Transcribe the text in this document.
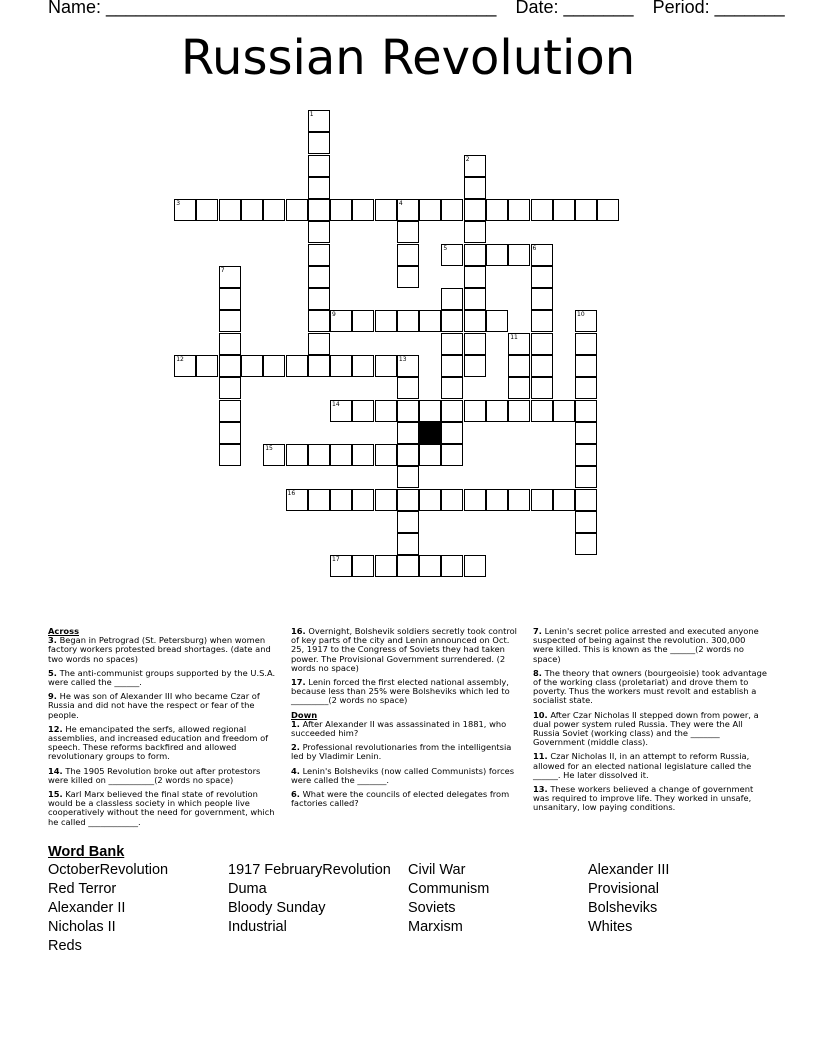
Name: _______________________________________ Date: _______ Period: _______
Russian Revolution
1
2
3	4
5	6
7
9	10
11
12	13
14
15
16
17

Across

3. Began in Petrograd (St. Petersburg) when women factory workers protested bread shortages. (date and two words no spaces)

5. The anti-communist groups supported by the U.S.A. were called the ______.

9. He was son of Alexander III who became Czar of Russia and did not have the respect or fear of the people.

12. He emancipated the serfs, allowed regional assemblies, and increased education and freedom of speech. These reforms backfired and allowed revolutionary groups to form.

14. The 1905 Revolution broke out after protestors were killed on ___________(2 words no space)

15. Karl Marx believed the final state of revolution would be a classless society in which people live cooperatively without the need for government, which he called ____________.

16. Overnight, Bolshevik soldiers secretly took control of key parts of the city and Lenin announced on Oct. 25, 1917 to the Congress of Soviets they had taken power. The Provisional Government surrendered. (2 words no space)

17. Lenin forced the first elected national assembly, because less than 25% were Bolsheviks which led to _________(2 words no space)

Down

1. After Alexander II was assassinated in 1881, who succeeded him?

2. Professional revolutionaries from the intelligentsia led by Vladimir Lenin.

4. Lenin's Bolsheviks (now called Communists) forces were called the _______.

6. What were the councils of elected delegates from factories called?

7. Lenin's secret police arrested and executed anyone suspected of being against the revolution. 300,000 were killed. This is known as the ______(2 words no space)

8. The theory that owners (bourgeoisie) took advantage of the working class (proletariat) and drove them to poverty. Thus the workers must revolt and establish a socialist state.

10. After Czar Nicholas II stepped down from power, a dual power system ruled Russia. They were the All Russia Soviet (working class) and the _______ Government (middle class).

11. Czar Nicholas II, in an attempt to reform Russia, allowed for an elected national legislature called the ______. He later dissolved it.

13. These workers believed a change of government was required to improve life. They worked in unsafe, unsanitary, low paying conditions.

Word Bank
OctoberRevolution	1917 FebruaryRevolution	Civil War	Alexander III
Red Terror	Duma	Communism	Provisional
Alexander II	Bloody Sunday	Soviets	Bolsheviks
Nicholas II	Industrial	Marxism	Whites
Reds
